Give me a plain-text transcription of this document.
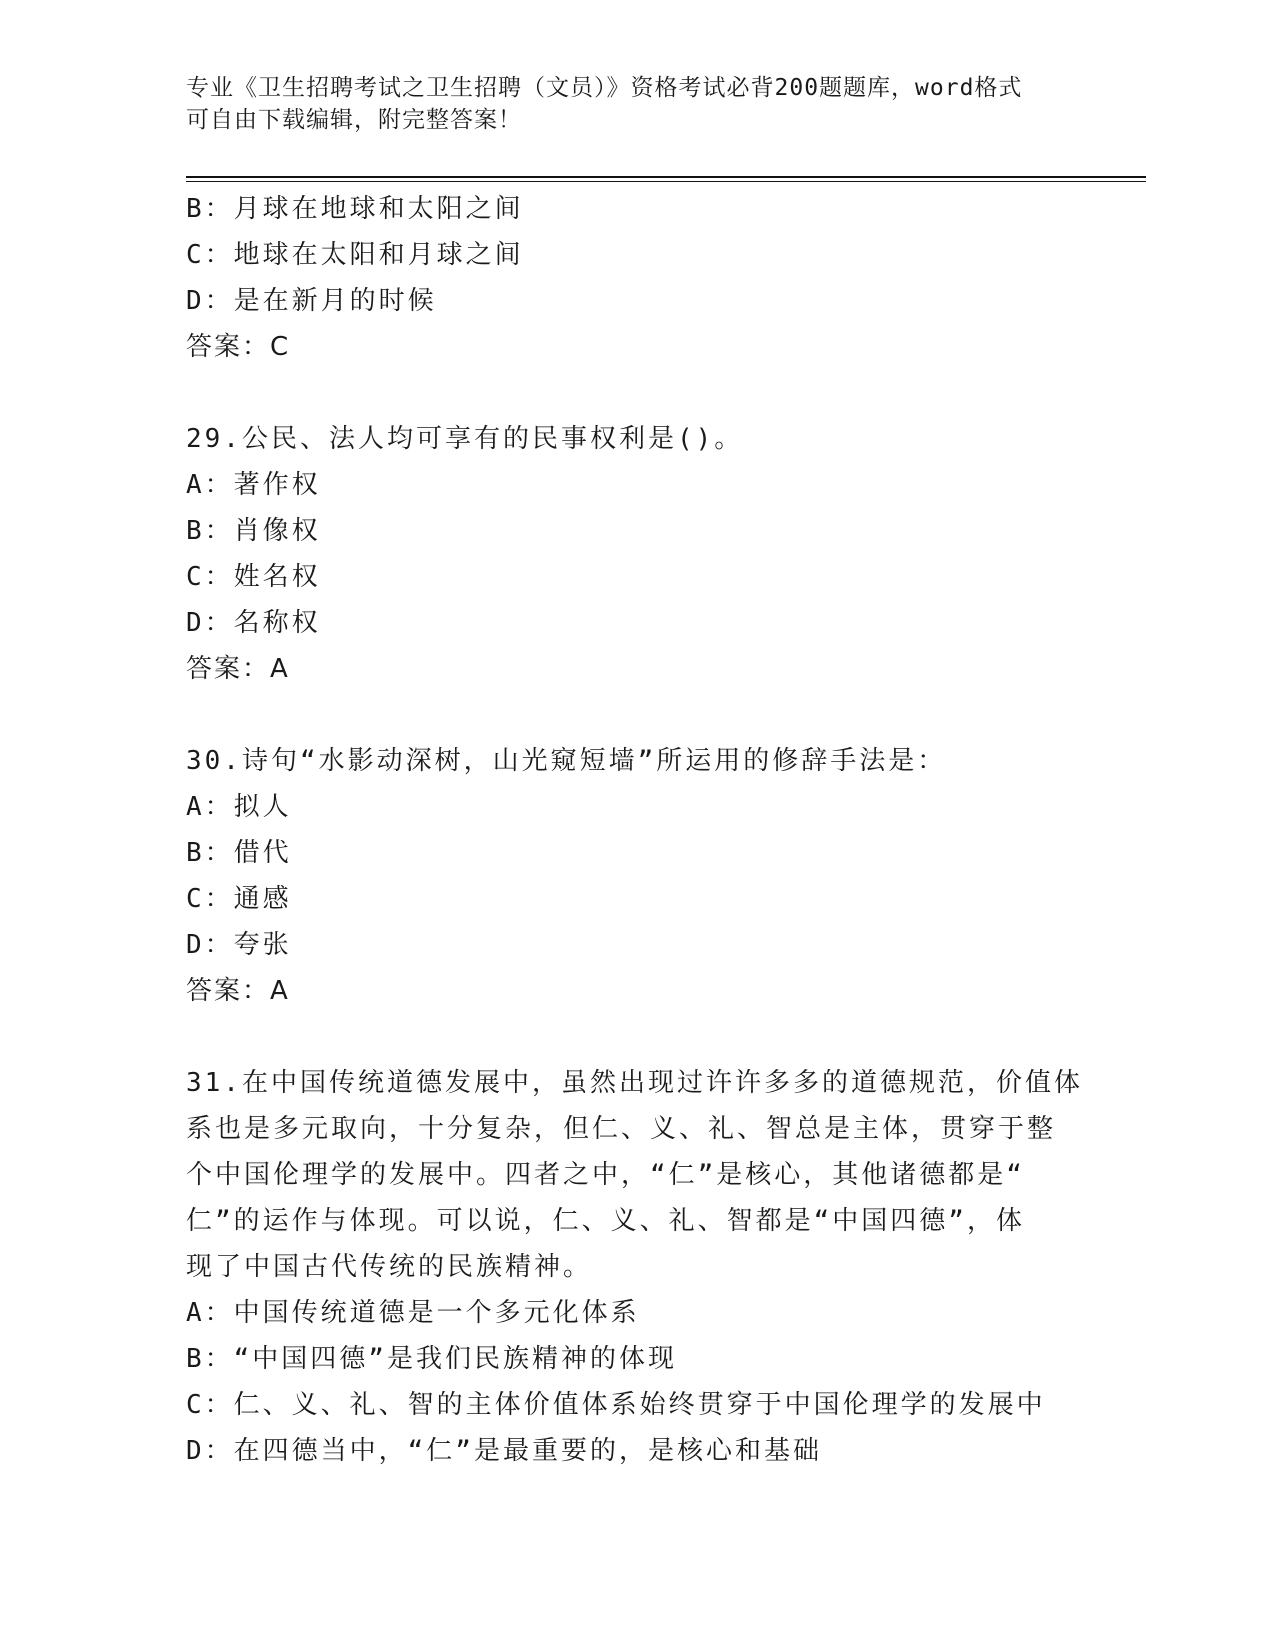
专业《卫生招聘考试之卫生招聘（文员）》资格考试必背200题题库，word格式
可自由下载编辑，附完整答案！
B：月球在地球和太阳之间
C：地球在太阳和月球之间
D：是在新月的时候
答案：C
29.公民、法人均可享有的民事权利是()。
A：著作权
B：肖像权
C：姓名权
D：名称权
答案：A
30.诗句“水影动深树，山光窥短墙”所运用的修辞手法是：
A：拟人
B：借代
C：通感
D：夸张
答案：A
31.在中国传统道德发展中，虽然出现过许许多多的道德规范，价值体
系也是多元取向，十分复杂，但仁、义、礼、智总是主体，贯穿于整
个中国伦理学的发展中。四者之中，“仁”是核心，其他诸德都是“
仁”的运作与体现。可以说，仁、义、礼、智都是“中国四德”，体
现了中国古代传统的民族精神。
A：中国传统道德是一个多元化体系
B：“中国四德”是我们民族精神的体现
C：仁、义、礼、智的主体价值体系始终贯穿于中国伦理学的发展中
D：在四德当中，“仁”是最重要的，是核心和基础
